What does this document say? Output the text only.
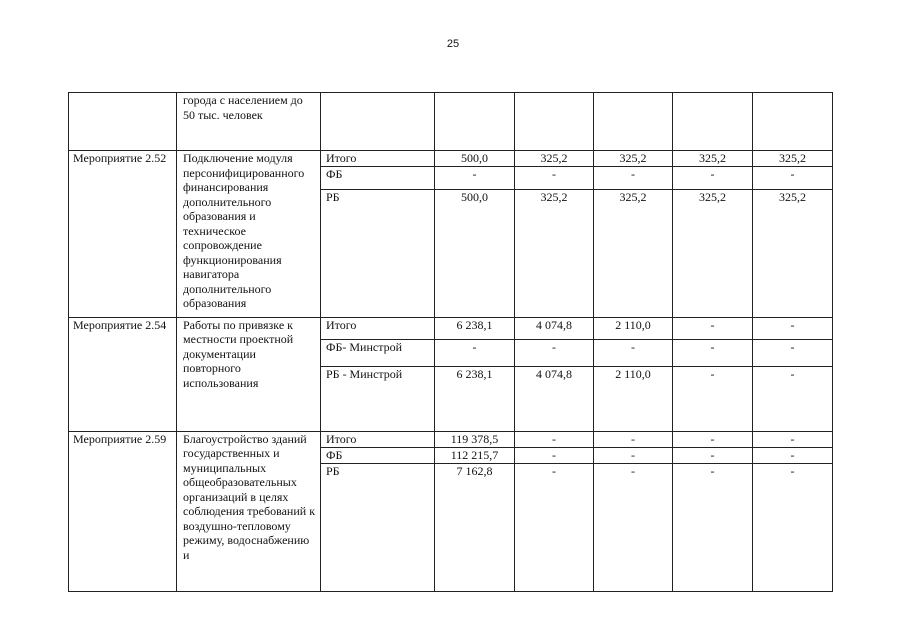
25
	города с населением до 50 тыс. человек						
Мероприятие 2.52	Подключение модуля персонифицированного финансирования дополнительного образования и техническое сопровождение функционирования навигатора дополнительного образования	Итого	500,0	325,2	325,2	325,2	325,2
		ФБ	-	-	-	-	-
		РБ	500,0	325,2	325,2	325,2	325,2
Мероприятие 2.54	Работы по привязке к местности проектной документации повторного использования	Итого	6 238,1	4 074,8	2 110,0	-	-
		ФБ- Минстрой	-	-	-	-	-
		РБ - Минстрой	6 238,1	4 074,8	2 110,0	-	-
Мероприятие 2.59	Благоустройство зданий государственных и муниципальных общеобразовательных организаций в целях соблюдения требований к воздушно-тепловому режиму, водоснабжению и	Итого	119 378,5	-	-	-	-
		ФБ	112 215,7	-	-	-	-
		РБ	7 162,8	-	-	-	-
